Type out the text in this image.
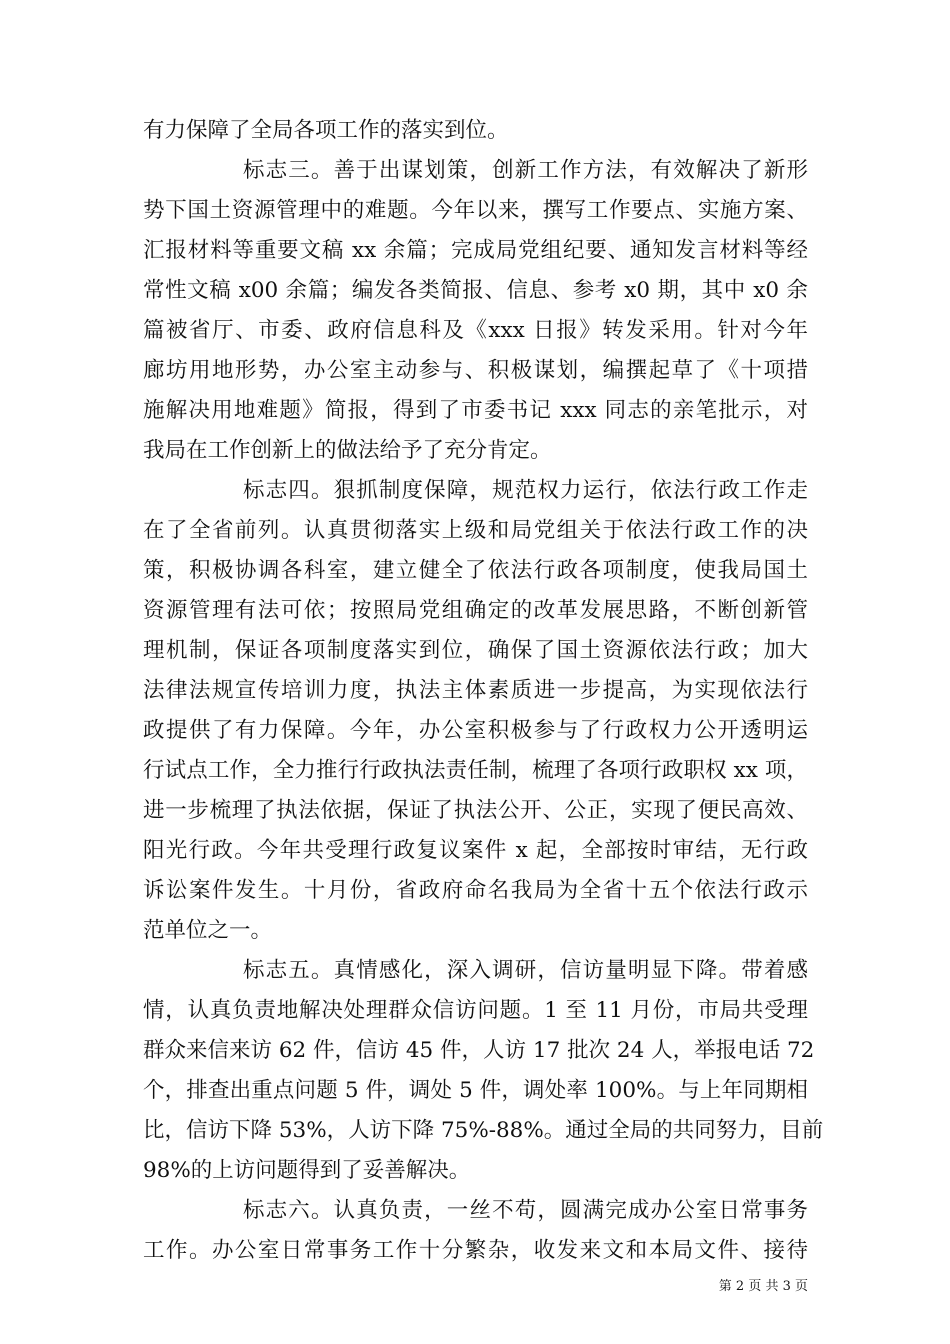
有力保障了全局各项工作的落实到位。
标志三。善于出谋划策，创新工作方法，有效解决了新形
势下国土资源管理中的难题。今年以来，撰写工作要点、实施方案、
汇报材料等重要文稿 xx 余篇；完成局党组纪要、通知发言材料等经
常性文稿 x00 余篇；编发各类简报、信息、参考 x0 期，其中 x0 余
篇被省厅、市委、政府信息科及《xxx 日报》转发采用。针对今年
廊坊用地形势，办公室主动参与、积极谋划，编撰起草了《十项措
施解决用地难题》简报，得到了市委书记 xxx 同志的亲笔批示，对
我局在工作创新上的做法给予了充分肯定。
标志四。狠抓制度保障，规范权力运行，依法行政工作走
在了全省前列。认真贯彻落实上级和局党组关于依法行政工作的决
策，积极协调各科室，建立健全了依法行政各项制度，使我局国土
资源管理有法可依；按照局党组确定的改革发展思路，不断创新管
理机制，保证各项制度落实到位，确保了国土资源依法行政；加大
法律法规宣传培训力度，执法主体素质进一步提高，为实现依法行
政提供了有力保障。今年，办公室积极参与了行政权力公开透明运
行试点工作，全力推行行政执法责任制，梳理了各项行政职权 xx 项，
进一步梳理了执法依据，保证了执法公开、公正，实现了便民高效、
阳光行政。今年共受理行政复议案件 x 起，全部按时审结，无行政
诉讼案件发生。十月份，省政府命名我局为全省十五个依法行政示
范单位之一。
标志五。真情感化，深入调研，信访量明显下降。带着感
情，认真负责地解决处理群众信访问题。1 至 11 月份，市局共受理
群众来信来访 62 件，信访 45 件，人访 17 批次 24 人，举报电话 72
个，排查出重点问题 5 件，调处 5 件，调处率 100%。与上年同期相
比，信访下降 53%，人访下降 75%-88%。通过全局的共同努力，目前
98%的上访问题得到了妥善解决。
标志六。认真负责，一丝不苟，圆满完成办公室日常事务
工作。办公室日常事务工作十分繁杂，收发来文和本局文件、接待
第 2 页 共 3 页
